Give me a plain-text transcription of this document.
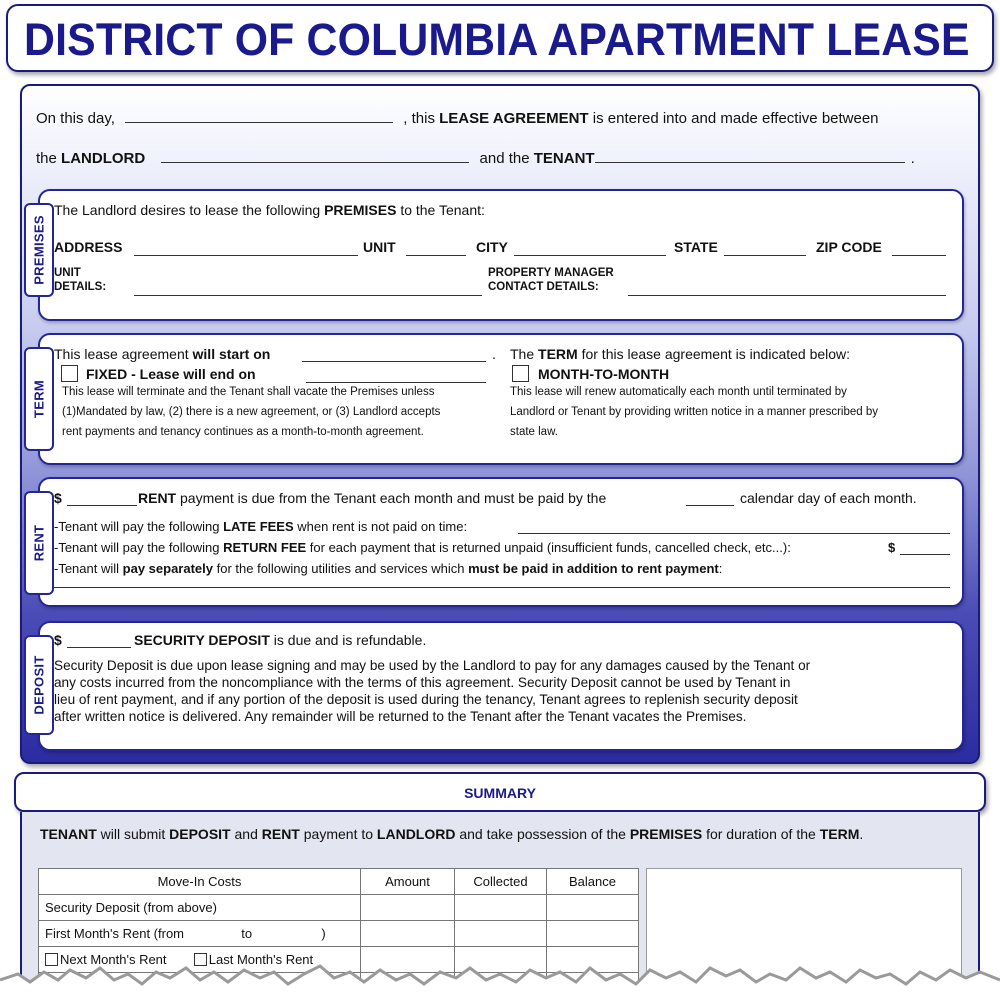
DISTRICT OF COLUMBIA APARTMENT LEASE
On this day,	, this LEASE AGREEMENT is entered into and made effective between
the LANDLORD	and the TENANT	.
PREMISES
The Landlord desires to lease the following PREMISES to the Tenant:
ADDRESS	UNIT	CITY	STATE	ZIP CODE
UNIT
DETAILS:
PROPERTY MANAGER
CONTACT DETAILS:
TERM
This lease agreement will start on	. The TERM for this lease agreement is indicated below:
FIXED - Lease will end on
This lease will terminate and the Tenant shall vacate the Premises unless
(1)Mandated by law, (2) there is a new agreement, or (3) Landlord accepts
rent payments and tenancy continues as a month-to-month agreement.
MONTH-TO-MONTH
This lease will renew automatically each month until terminated by
Landlord or Tenant by providing written notice in a manner prescribed by
state law.
RENT
$	RENT payment is due from the Tenant each month and must be paid by the	calendar day of each month.
-Tenant will pay the following LATE FEES when rent is not paid on time:
-Tenant will pay the following RETURN FEE for each payment that is returned unpaid (insufficient funds, cancelled check, etc...):	$
-Tenant will pay separately for the following utilities and services which must be paid in addition to rent payment:
DEPOSIT
$	SECURITY DEPOSIT is due and is refundable.
Security Deposit is due upon lease signing and may be used by the Landlord to pay for any damages caused by the Tenant or
any costs incurred from the noncompliance with the terms of this agreement. Security Deposit cannot be used by Tenant in
lieu of rent payment, and if any portion of the deposit is used during the tenancy, Tenant agrees to replenish security deposit
after written notice is delivered. Any remainder will be returned to the Tenant after the Tenant vacates the Premises.
SUMMARY
TENANT will submit DEPOSIT and RENT payment to LANDLORD and take possession of the PREMISES for duration of the TERM.
Move-In Costs	Amount	Collected	Balance
Security Deposit (from above)			
First Month's Rent (from to )			
Next Month's Rent Last Month's Rent			
